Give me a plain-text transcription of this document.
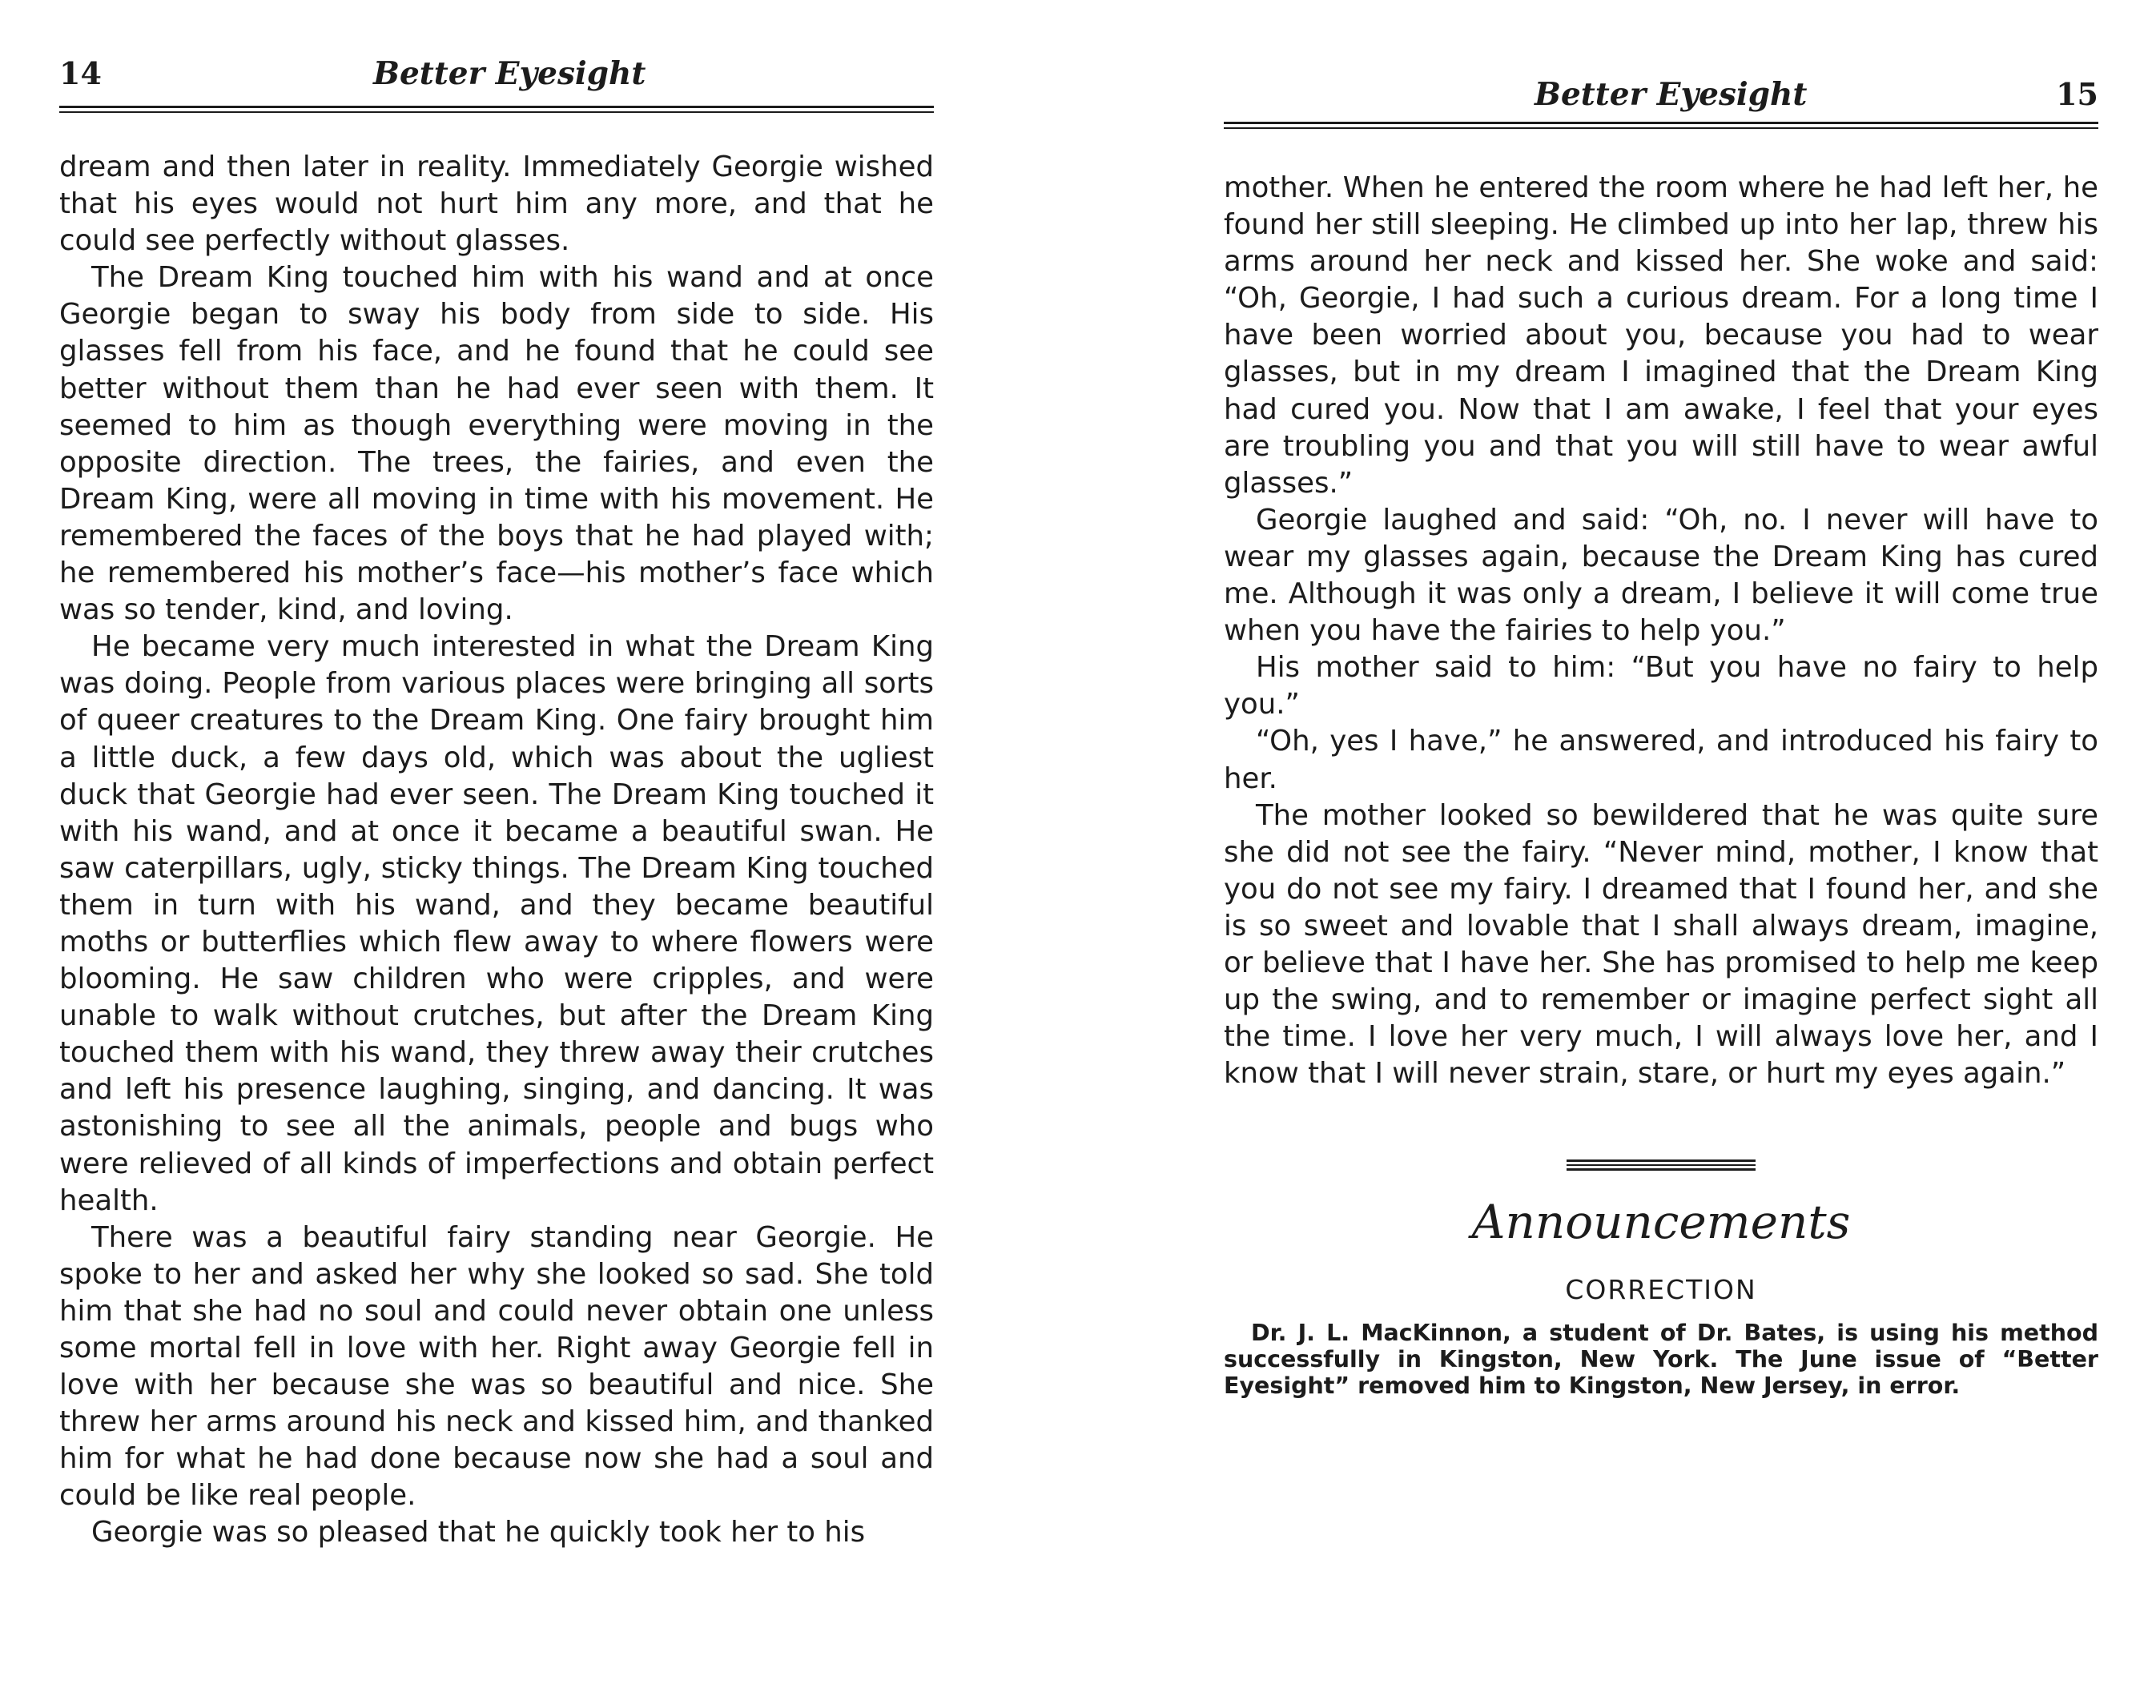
14	Better Eyesight

dream and then later in reality. Immediately Georgie wished that his eyes would not hurt him any more, and that he could see perfectly without glasses.

The Dream King touched him with his wand and at once Georgie began to sway his body from side to side. His glasses fell from his face, and he found that he could see better without them than he had ever seen with them. It seemed to him as though everything were moving in the opposite direction. The trees, the fairies, and even the Dream King, were all moving in time with his movement. He remembered the faces of the boys that he had played with; he remembered his mother’s face—his mother’s face which was so tender, kind, and loving.

He became very much interested in what the Dream King was doing. People from various places were bringing all sorts of queer creatures to the Dream King. One fairy brought him a little duck, a few days old, which was about the ugliest duck that Georgie had ever seen. The Dream King touched it with his wand, and at once it became a beautiful swan. He saw caterpillars, ugly, sticky things. The Dream King touched them in turn with his wand, and they became beautiful moths or butterflies which flew away to where flowers were blooming. He saw children who were cripples, and were unable to walk without crutches, but after the Dream King touched them with his wand, they threw away their crutches and left his presence laughing, singing, and dancing. It was astonishing to see all the animals, people and bugs who were relieved of all kinds of imperfections and obtain perfect health.

There was a beautiful fairy standing near Georgie. He spoke to her and asked her why she looked so sad. She told him that she had no soul and could never obtain one unless some mortal fell in love with her. Right away Georgie fell in love with her because she was so beautiful and nice. She threw her arms around his neck and kissed him, and thanked him for what he had done because now she had a soul and could be like real people.

Georgie was so pleased that he quickly took her to his

Better Eyesight	15

mother. When he entered the room where he had left her, he found her still sleeping. He climbed up into her lap, threw his arms around her neck and kissed her. She woke and said: “Oh, Georgie, I had such a curious dream. For a long time I have been worried about you, because you had to wear glasses, but in my dream I imagined that the Dream King had cured you. Now that I am awake, I feel that your eyes are troubling you and that you will still have to wear awful glasses.”

Georgie laughed and said: “Oh, no. I never will have to wear my glasses again, because the Dream King has cured me. Although it was only a dream, I believe it will come true when you have the fairies to help you.”

His mother said to him: “But you have no fairy to help you.”

“Oh, yes I have,” he answered, and introduced his fairy to her.

The mother looked so bewildered that he was quite sure she did not see the fairy. “Never mind, mother, I know that you do not see my fairy. I dreamed that I found her, and she is so sweet and lovable that I shall always dream, imagine, or believe that I have her. She has promised to help me keep up the swing, and to remember or imagine perfect sight all the time. I love her very much, I will always love her, and I know that I will never strain, stare, or hurt my eyes again.”

Announcements
CORRECTION

Dr. J. L. MacKinnon, a student of Dr. Bates, is using his method successfully in Kingston, New York. The June issue of “Better Eyesight” removed him to Kingston, New Jersey, in error.
